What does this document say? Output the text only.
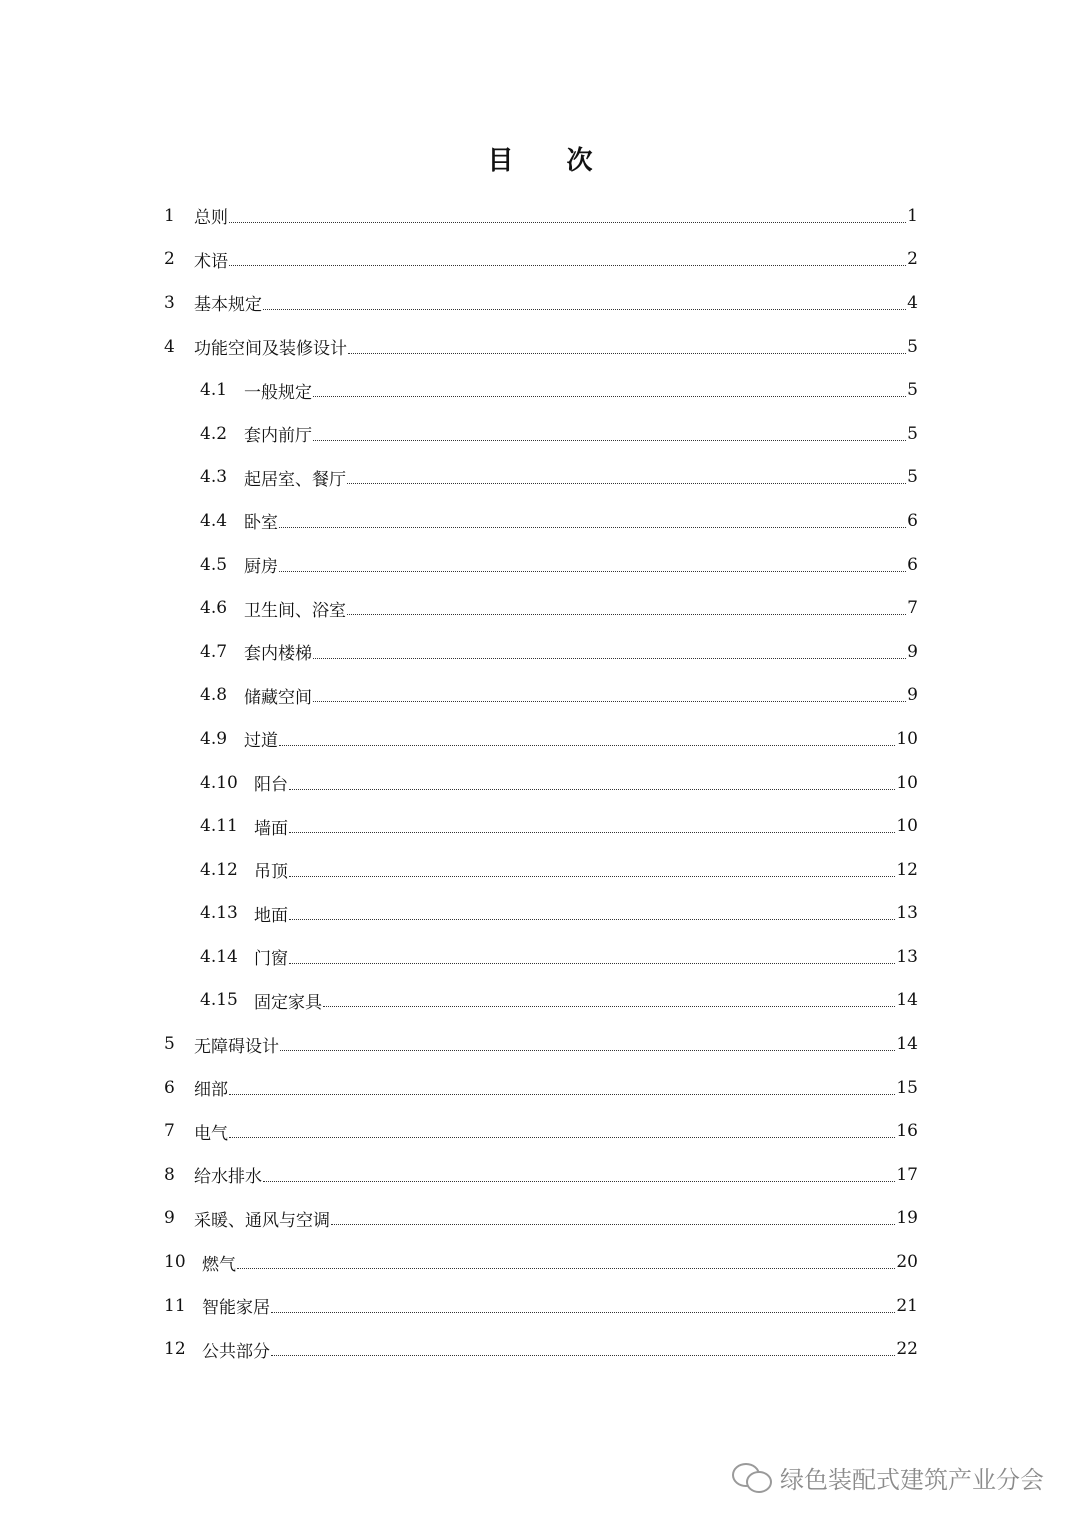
目 次
1	总则	1
2	术语	2
3	基本规定	4
4	功能空间及装修设计	5
4.1 一般规定	5
4.2 套内前厅	5
4.3 起居室、餐厅	5
4.4 卧室	6
4.5 厨房	6
4.6 卫生间、浴室	7
4.7 套内楼梯	9
4.8 储藏空间	9
4.9 过道	10
4.10 阳台	10
4.11 墙面	10
4.12 吊顶	12
4.13 地面	13
4.14 门窗	13
4.15 固定家具	14
5	无障碍设计	14
6	细部	15
7	电气	16
8	给水排水	17
9	采暖、通风与空调	19
10 燃气	20
11 智能家居	21
12 公共部分	22
绿色装配式建筑产业分会
